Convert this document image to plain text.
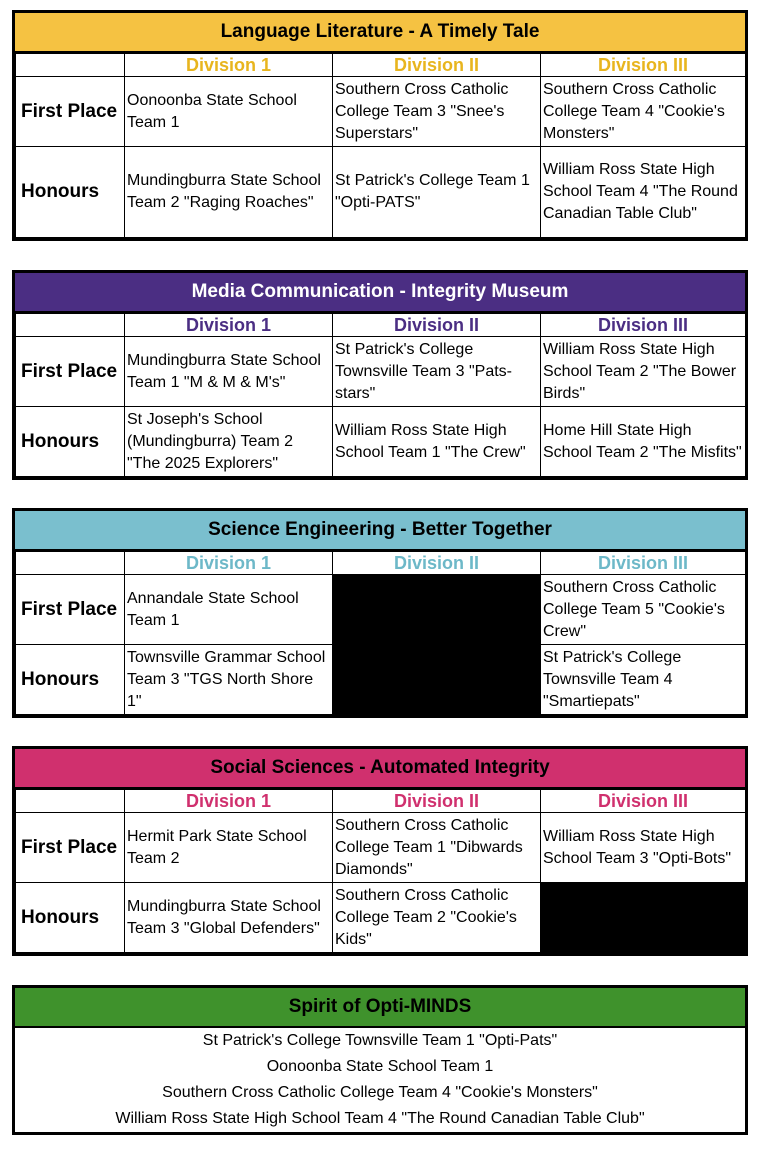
Language Literature - A Timely Tale
	Division 1	Division II	Division III
First Place	Oonoonba State School Team 1	Southern Cross Catholic College Team 3 "Snee's Superstars"	Southern Cross Catholic College Team 4 "Cookie's Monsters"
Honours	Mundingburra State School Team 2 "Raging Roaches"	St Patrick's College Team 1 "Opti-PATS"	William Ross State High School Team 4 "The Round Canadian Table Club"
Media Communication - Integrity Museum
	Division 1	Division II	Division III
First Place	Mundingburra State School Team 1 "M & M & M's"	St Patrick's College Townsville Team 3 "Pats-stars"	William Ross State High School Team 2 "The Bower Birds"
Honours	St Joseph's School (Mundingburra) Team 2 "The 2025 Explorers"	William Ross State High School Team 1 "The Crew"	Home Hill State High School Team 2 "The Misfits"
Science Engineering - Better Together
	Division 1	Division II	Division III
First Place	Annandale State School Team 1		Southern Cross Catholic College Team 5 "Cookie's Crew"
Honours	Townsville Grammar School Team 3 "TGS North Shore 1"		St Patrick's College Townsville Team 4 "Smartiepats"
Social Sciences - Automated Integrity
	Division 1	Division II	Division III
First Place	Hermit Park State School Team 2	Southern Cross Catholic College Team 1 "Dibwards Diamonds"	William Ross State High School Team 3 "Opti-Bots"
Honours	Mundingburra State School Team 3 "Global Defenders"	Southern Cross Catholic College Team 2 "Cookie's Kids"	
Spirit of Opti-MINDS
St Patrick's College Townsville Team 1 "Opti-Pats"
Oonoonba State School Team 1
Southern Cross Catholic College Team 4 "Cookie's Monsters"
William Ross State High School Team 4 "The Round Canadian Table Club"
